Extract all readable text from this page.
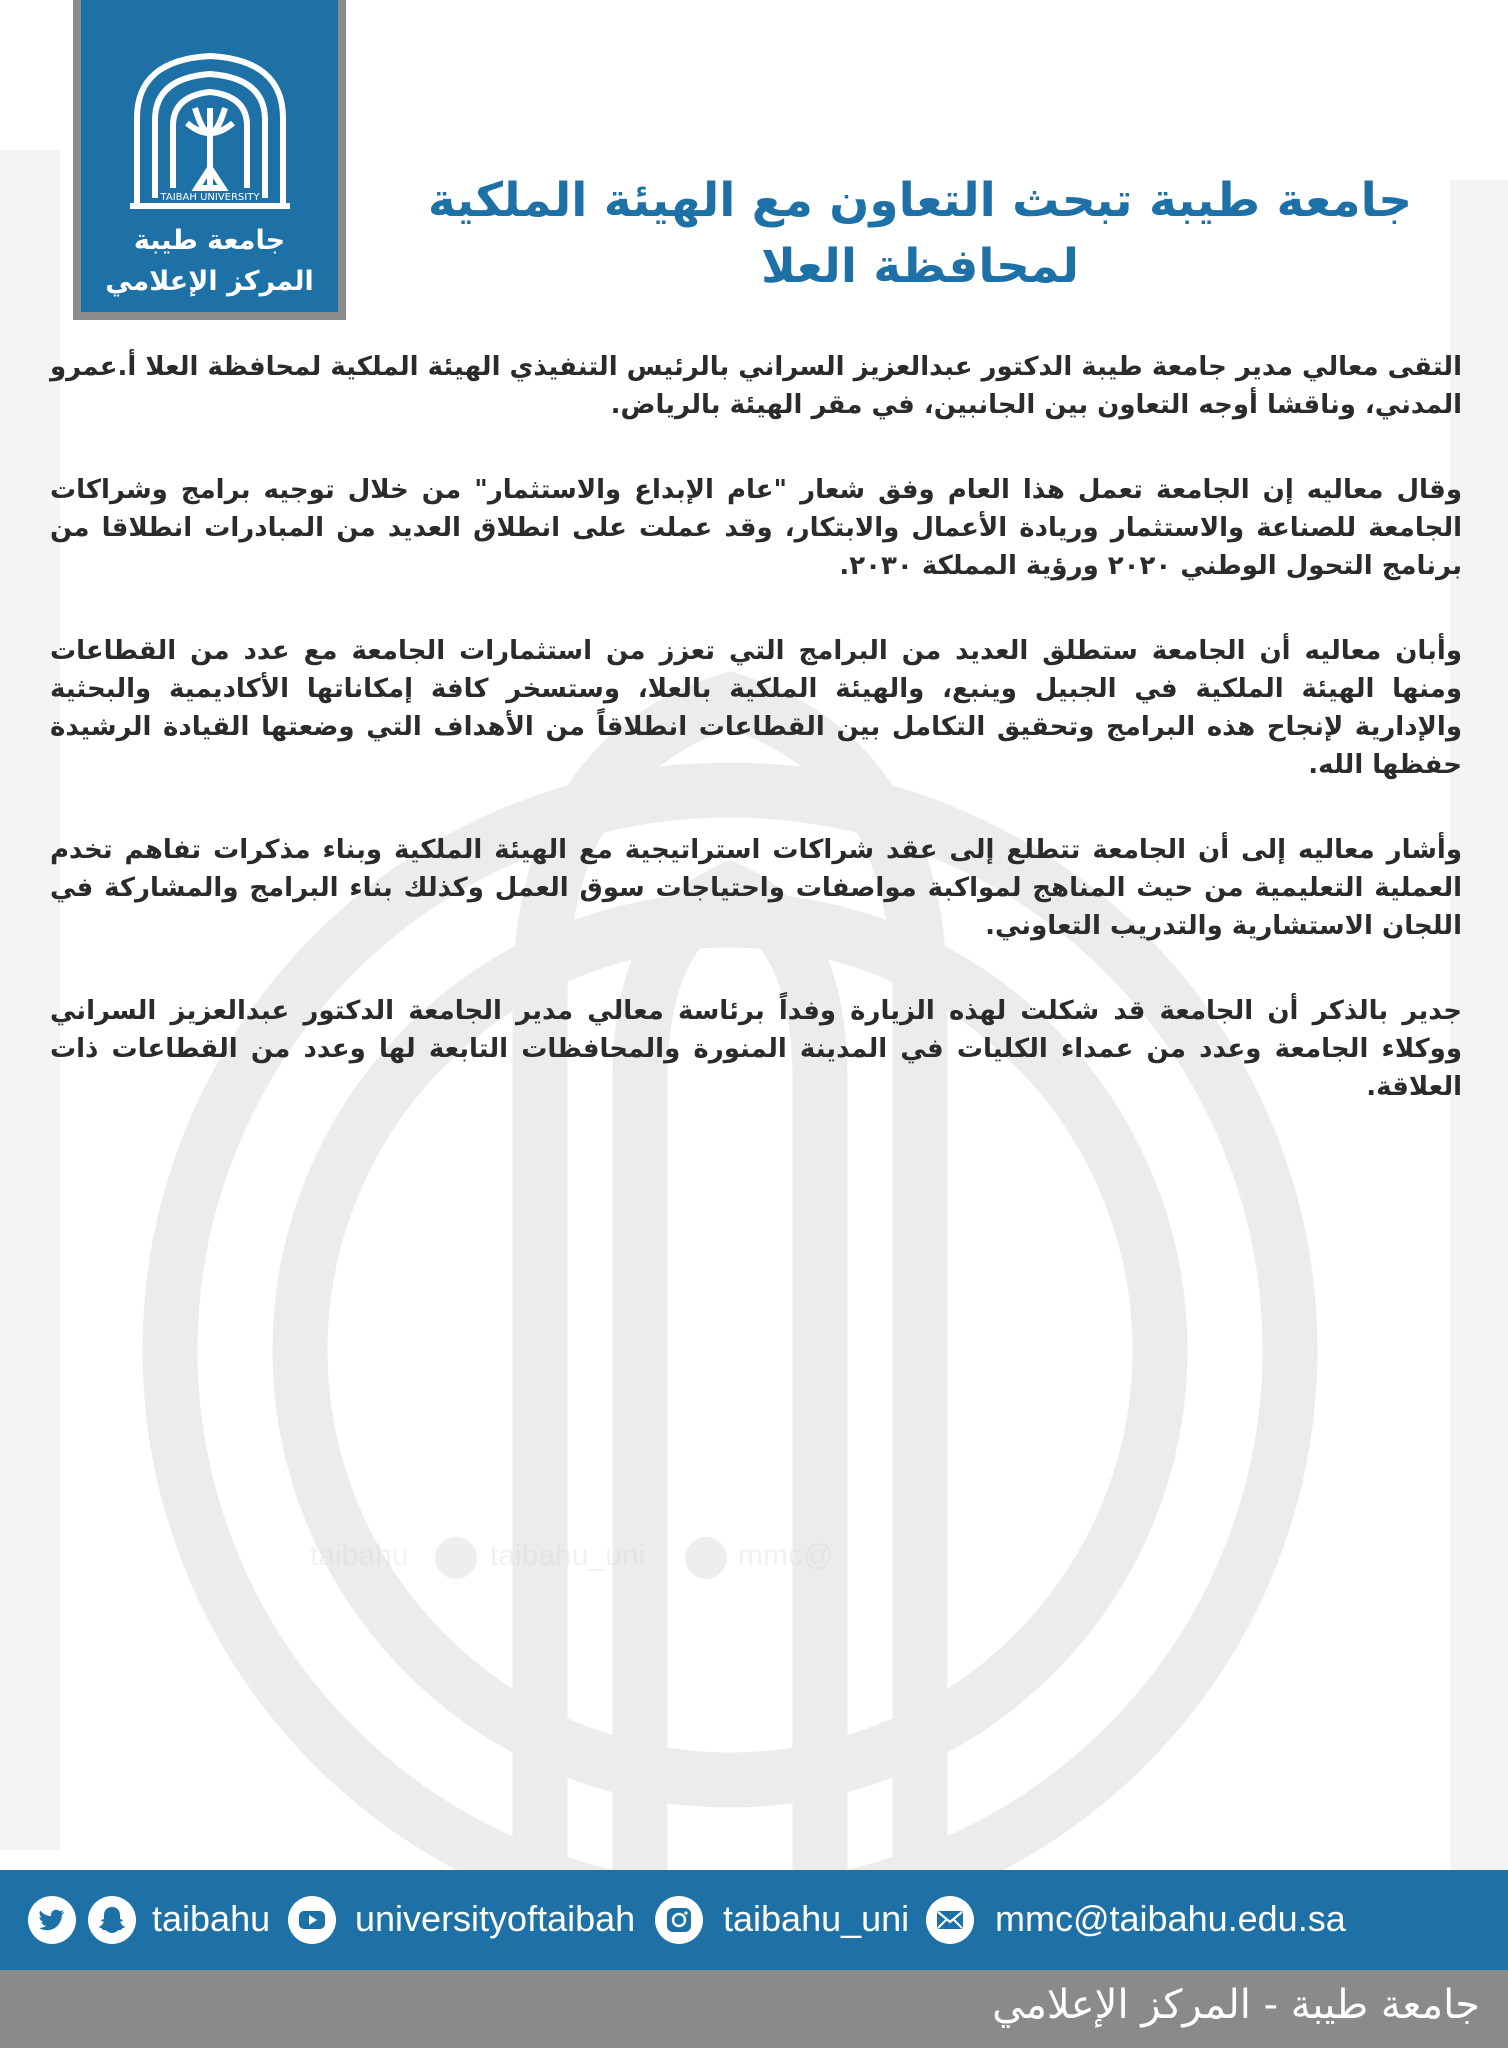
TAIBAH UNIVERSITY
جامعة طيبة
المركز الإعلامي
جامعة طيبة تبحث التعاون مع الهيئة الملكية
لمحافظة العلا

التقى معالي مدير جامعة طيبة الدكتور عبدالعزيز السراني بالرئيس التنفيذي الهيئة الملكية لمحافظة العلا أ.عمرو المدني، وناقشا أوجه التعاون بين الجانبين، في مقر الهيئة بالرياض.

وقال معاليه إن الجامعة تعمل هذا العام وفق شعار "عام الإبداع والاستثمار" من خلال توجيه برامج وشراكات الجامعة للصناعة والاستثمار وريادة الأعمال والابتكار، وقد عملت على انطلاق العديد من المبادرات انطلاقا من برنامج التحول الوطني ٢٠٢٠ ورؤية المملكة ٢٠٣٠.

وأبان معاليه أن الجامعة ستطلق العديد من البرامج التي تعزز من استثمارات الجامعة مع عدد من القطاعات ومنها الهيئة الملكية في الجبيل وينبع، والهيئة الملكية بالعلا، وستسخر كافة إمكاناتها الأكاديمية والبحثية والإدارية لإنجاح هذه البرامج وتحقيق التكامل بين القطاعات انطلاقاً من الأهداف التي وضعتها القيادة الرشيدة حفظها الله.

وأشار معاليه إلى أن الجامعة تتطلع إلى عقد شراكات استراتيجية مع الهيئة الملكية وبناء مذكرات تفاهم تخدم العملية التعليمية من حيث المناهج لمواكبة مواصفات واحتياجات سوق العمل وكذلك بناء البرامج والمشاركة في اللجان الاستشارية والتدريب التعاوني.

جدير بالذكر أن الجامعة قد شكلت لهذه الزيارة وفداً برئاسة معالي مدير الجامعة الدكتور عبدالعزيز السراني ووكلاء الجامعة وعدد من عمداء الكليات في المدينة المنورة والمحافظات التابعة لها وعدد من القطاعات ذات العلاقة.

taibahu	taibahu_uni	mmc@
taibahu universityoftaibah taibahu_uni mmc@taibahu.edu.sa
جامعة طيبة - المركز الإعلامي
